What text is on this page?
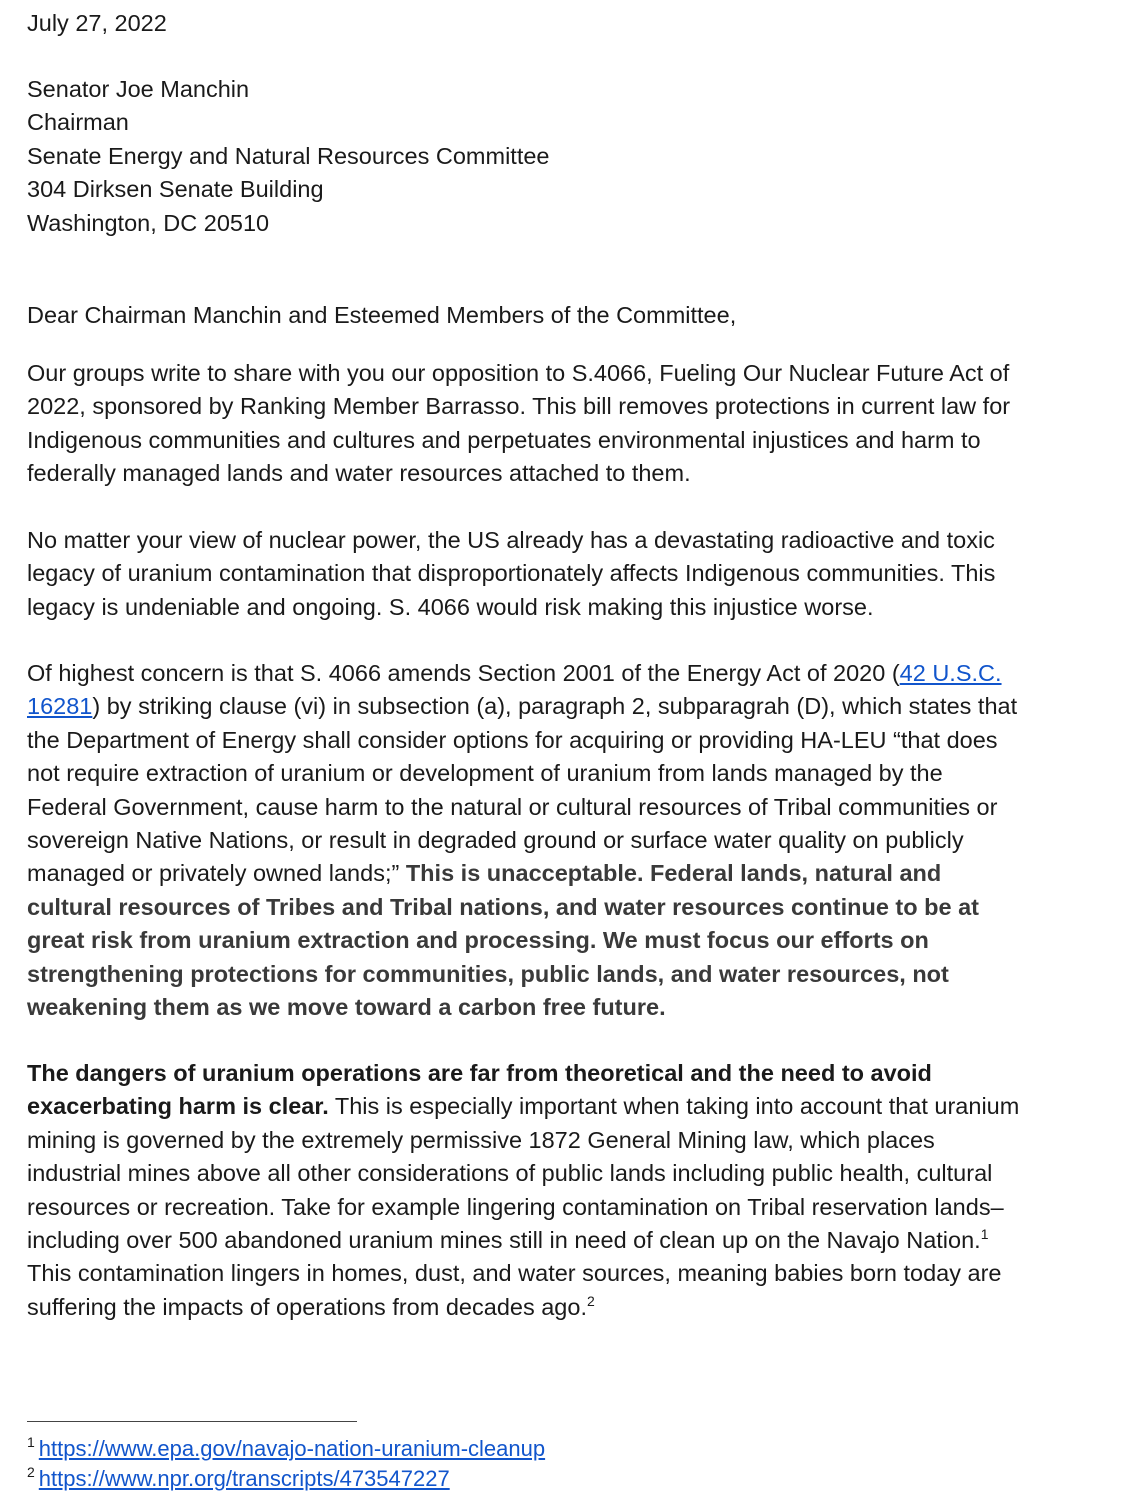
July 27, 2022
Senator Joe Manchin
Chairman
Senate Energy and Natural Resources Committee
304 Dirksen Senate Building
Washington, DC 20510
Dear Chairman Manchin and Esteemed Members of the Committee,
Our groups write to share with you our opposition to S.4066, Fueling Our Nuclear Future Act of
2022, sponsored by Ranking Member Barrasso. This bill removes protections in current law for
Indigenous communities and cultures and perpetuates environmental injustices and harm to
federally managed lands and water resources attached to them.
No matter your view of nuclear power, the US already has a devastating radioactive and toxic
legacy of uranium contamination that disproportionately affects Indigenous communities. This
legacy is undeniable and ongoing. S. 4066 would risk making this injustice worse.
Of highest concern is that S. 4066 amends Section 2001 of the Energy Act of 2020 (42 U.S.C.
16281) by striking clause (vi) in subsection (a), paragraph 2, subparagrah (D), which states that
the Department of Energy shall consider options for acquiring or providing HA-LEU “that does
not require extraction of uranium or development of uranium from lands managed by the
Federal Government, cause harm to the natural or cultural resources of Tribal communities or
sovereign Native Nations, or result in degraded ground or surface water quality on publicly
managed or privately owned lands;” This is unacceptable. Federal lands, natural and
cultural resources of Tribes and Tribal nations, and water resources continue to be at
great risk from uranium extraction and processing. We must focus our efforts on
strengthening protections for communities, public lands, and water resources, not
weakening them as we move toward a carbon free future.
The dangers of uranium operations are far from theoretical and the need to avoid
exacerbating harm is clear. This is especially important when taking into account that uranium
mining is governed by the extremely permissive 1872 General Mining law, which places
industrial mines above all other considerations of public lands including public health, cultural
resources or recreation. Take for example lingering contamination on Tribal reservation lands–
including over 500 abandoned uranium mines still in need of clean up on the Navajo Nation.$^1$
This contamination lingers in homes, dust, and water sources, meaning babies born today are
suffering the impacts of operations from decades ago.$^2$
$^1$ https://www.epa.gov/navajo-nation-uranium-cleanup
$^2$ https://www.npr.org/transcripts/473547227
